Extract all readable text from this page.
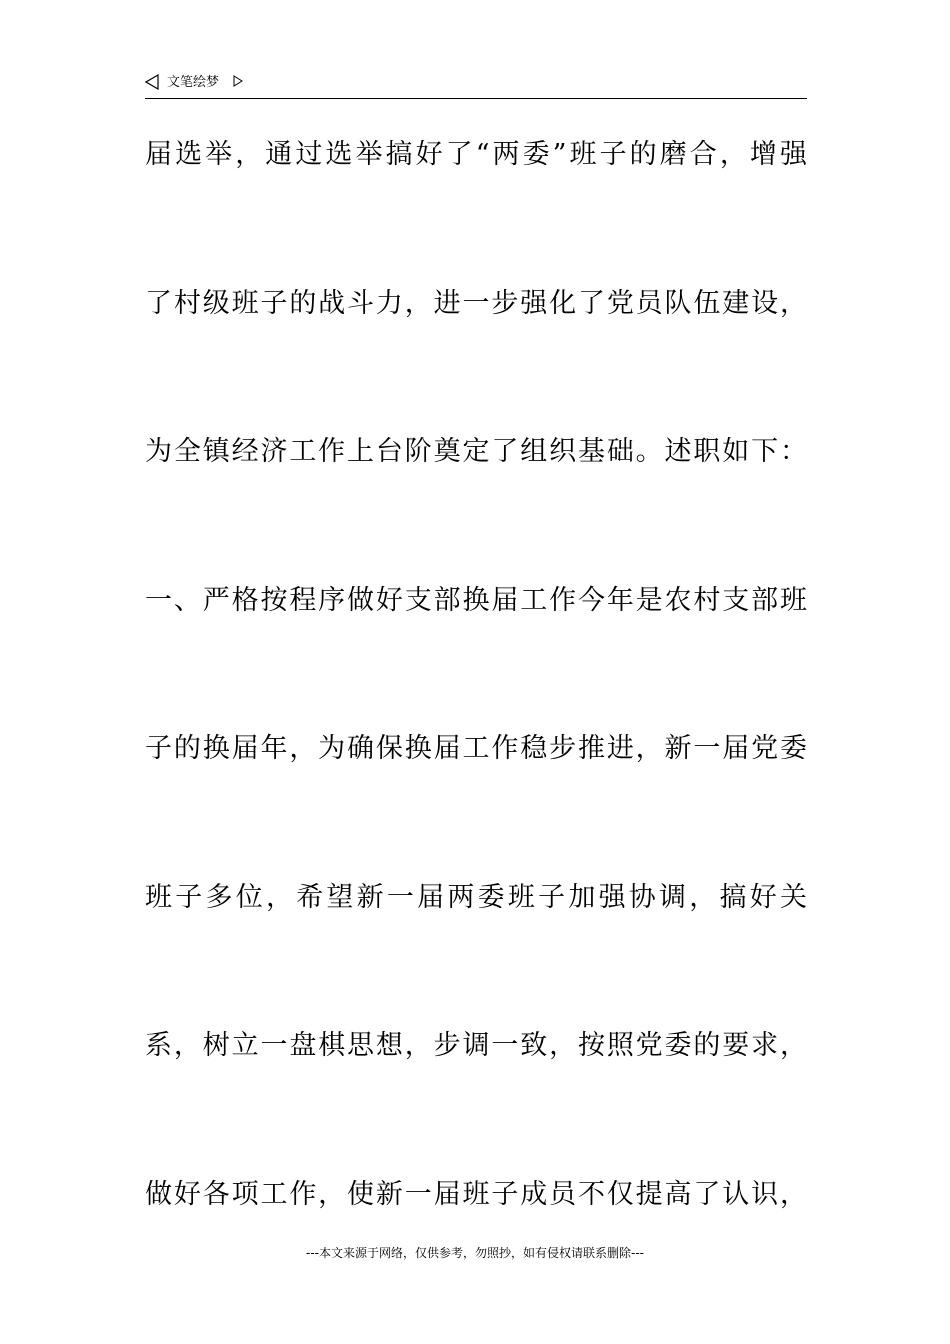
文笔绘梦
届选举，通过选举搞好了“两委”班子的磨合，增强
了村级班子的战斗力，进一步强化了党员队伍建设，
为全镇经济工作上台阶奠定了组织基础。述职如下：
一、严格按程序做好支部换届工作今年是农村支部班
子的换届年，为确保换届工作稳步推进，新一届党委
班子多位，希望新一届两委班子加强协调，搞好关
系，树立一盘棋思想，步调一致，按照党委的要求，
做好各项工作，使新一届班子成员不仅提高了认识，
---本文来源于网络，仅供参考，勿照抄，如有侵权请联系删除---
